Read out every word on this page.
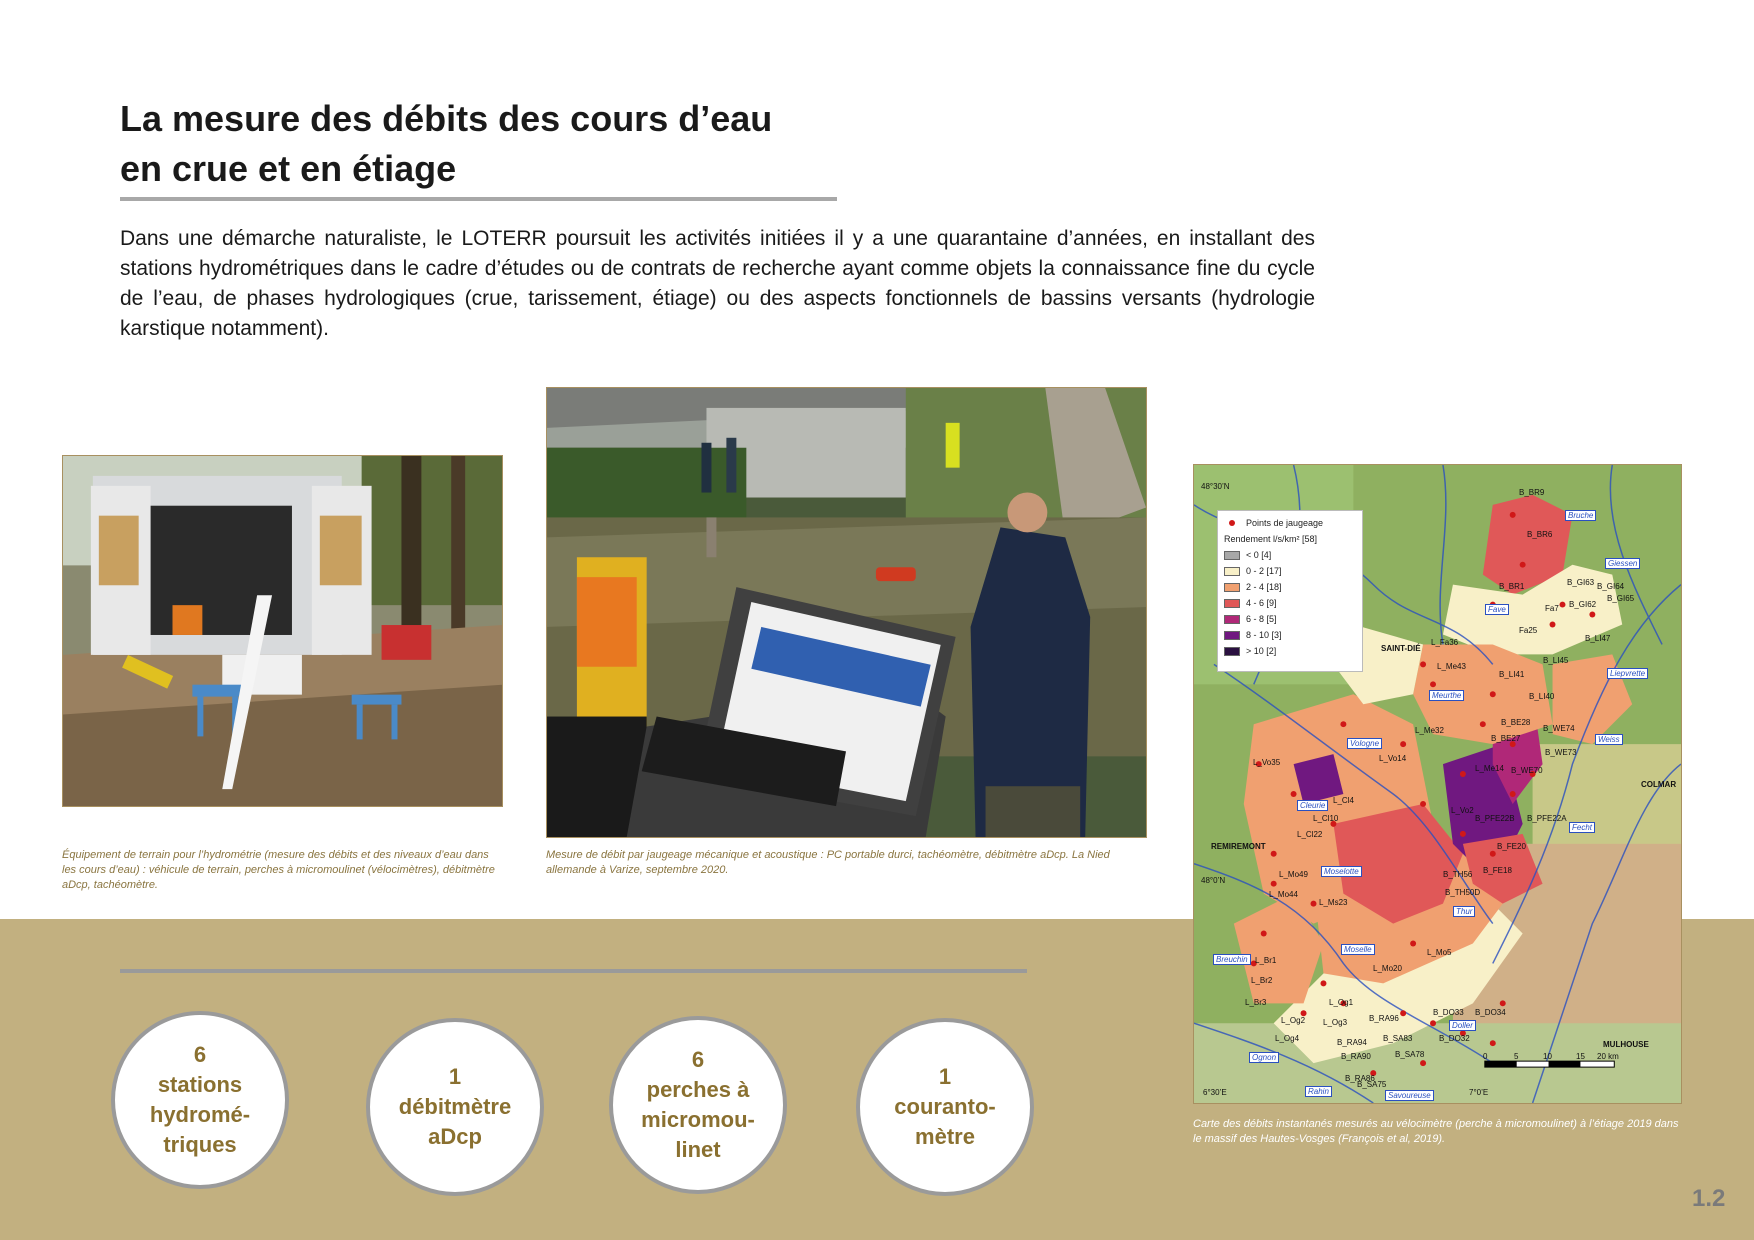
La mesure des débits des cours d’eau
en crue et en étiage

Dans une démarche naturaliste, le LOTERR poursuit les activités initiées il y a une quarantaine d’années, en installant des stations hydrométriques dans le cadre d’études ou de contrats de recherche ayant comme objets la connaissance fine du cycle de l’eau, de phases hydrologiques (crue, tarissement, étiage) ou des aspects fonctionnels de bassins versants (hydrologie karstique notamment).

Équipement de terrain pour l’hydrométrie (mesure des débits et des niveaux d’eau dans les cours d’eau) : véhicule de terrain, perches à micromoulinet (vélocimètres), débitmètre aDcp, tachéomètre.

Mesure de débit par jaugeage mécanique et acoustique : PC portable durci, tachéomètre, débitmètre aDcp. La Nied allemande à Varize, septembre 2020.

48°30’N
48°0’N
6°30’E	7°0’E
SAINT-DIÉ
COLMAR
REMIREMONT
MULHOUSE
Bruche
Giessen
Fave
Liepvrette
Meurthe
Weiss
Vologne
Fecht
Cleurie
Moselotte
Thur
Moselle
Breuchin
Doller
Ognon
Rahin	Savoureuse
B_BR9
B_BR6
B_BR1	B_GI63 B_GI64
B_GI62
B_GI65
Fa7
Fa25
B_LI47
L_Fa36
L_Me43
B_LI41
B_LI45
B_LI40
L_Me32
B_BE28
B_BE27
B_WE74
B_WE73
L_Vo35	L_Vo14
L_Me14 B_WE70
L_Cl4
L_Cl10
L_Vo2
B_PFE22B B_PFE22A
L_Cl22
B_FE20
L_Mo49	B_TH56 B_FE18
L_Mo44
L_Ms23
B_TH50D
L_Br1
L_Mo5
L_Br2
L_Mo20
L_Br3	L_Og1
L_Og2 L_Og3
L_Og4
B_RA96
B_RA94
B_RA90
B_SA83
B_SA78
B_DO33 B_DO34
B_DO32
B_RA86
B_SA75
0	5	10	15 20 km
Points de jaugeage
Rendement l/s/km² [58]
< 0 [4]
0 - 2 [17]
2 - 4 [18]
4 - 6 [9]
6 - 8 [5]
8 - 10 [3]
> 10 [2]

Carte des débits instantanés mesurés au vélocimètre (perche à micromoulinet) à l’étiage 2019 dans le massif des Hautes-Vosges (François et al, 2019).

6
stations
hydromé-
triques
1
débitmètre
aDcp
6
perches à
micromou-
linet
1
couranto-
mètre
1.2
